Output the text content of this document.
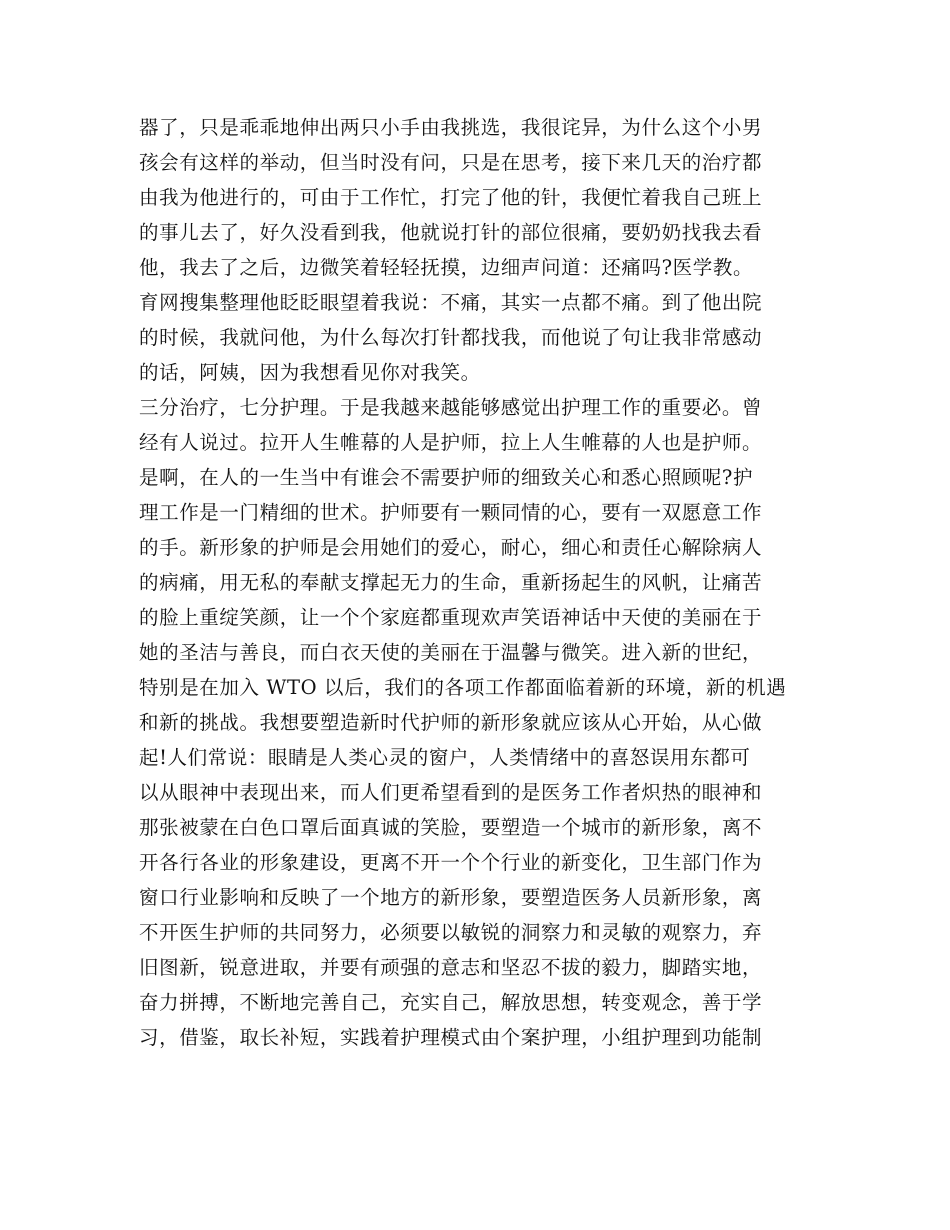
器了，只是乖乖地伸出两只小手由我挑选，我很诧异，为什么这个小男
孩会有这样的举动，但当时没有问，只是在思考，接下来几天的治疗都
由我为他进行的，可由于工作忙，打完了他的针，我便忙着我自己班上
的事儿去了，好久没看到我，他就说打针的部位很痛，要奶奶找我去看
他，我去了之后，边微笑着轻轻抚摸，边细声问道：还痛吗?医学教。
育网搜集整理他眨眨眼望着我说：不痛，其实一点都不痛。到了他出院
的时候，我就问他，为什么每次打针都找我，而他说了句让我非常感动
的话，阿姨，因为我想看见你对我笑。
三分治疗，七分护理。于是我越来越能够感觉出护理工作的重要必。曾
经有人说过。拉开人生帷幕的人是护师，拉上人生帷幕的人也是护师。
是啊，在人的一生当中有谁会不需要护师的细致关心和悉心照顾呢?护
理工作是一门精细的世术。护师要有一颗同情的心，要有一双愿意工作
的手。新形象的护师是会用她们的爱心，耐心，细心和责任心解除病人
的病痛，用无私的奉献支撑起无力的生命，重新扬起生的风帆，让痛苦
的脸上重绽笑颜，让一个个家庭都重现欢声笑语神话中天使的美丽在于
她的圣洁与善良，而白衣天使的美丽在于温馨与微笑。进入新的世纪，
特别是在加入 WTO 以后，我们的各项工作都面临着新的环境，新的机遇
和新的挑战。我想要塑造新时代护师的新形象就应该从心开始，从心做
起!人们常说：眼睛是人类心灵的窗户，人类情绪中的喜怒误用东都可
以从眼神中表现出来，而人们更希望看到的是医务工作者炽热的眼神和
那张被蒙在白色口罩后面真诚的笑脸，要塑造一个城市的新形象，离不
开各行各业的形象建设，更离不开一个个行业的新变化，卫生部门作为
窗口行业影响和反映了一个地方的新形象，要塑造医务人员新形象，离
不开医生护师的共同努力，必须要以敏锐的洞察力和灵敏的观察力，弃
旧图新，锐意进取，并要有顽强的意志和坚忍不拔的毅力，脚踏实地，
奋力拼搏，不断地完善自己，充实自己，解放思想，转变观念，善于学
习，借鉴，取长补短，实践着护理模式由个案护理，小组护理到功能制
